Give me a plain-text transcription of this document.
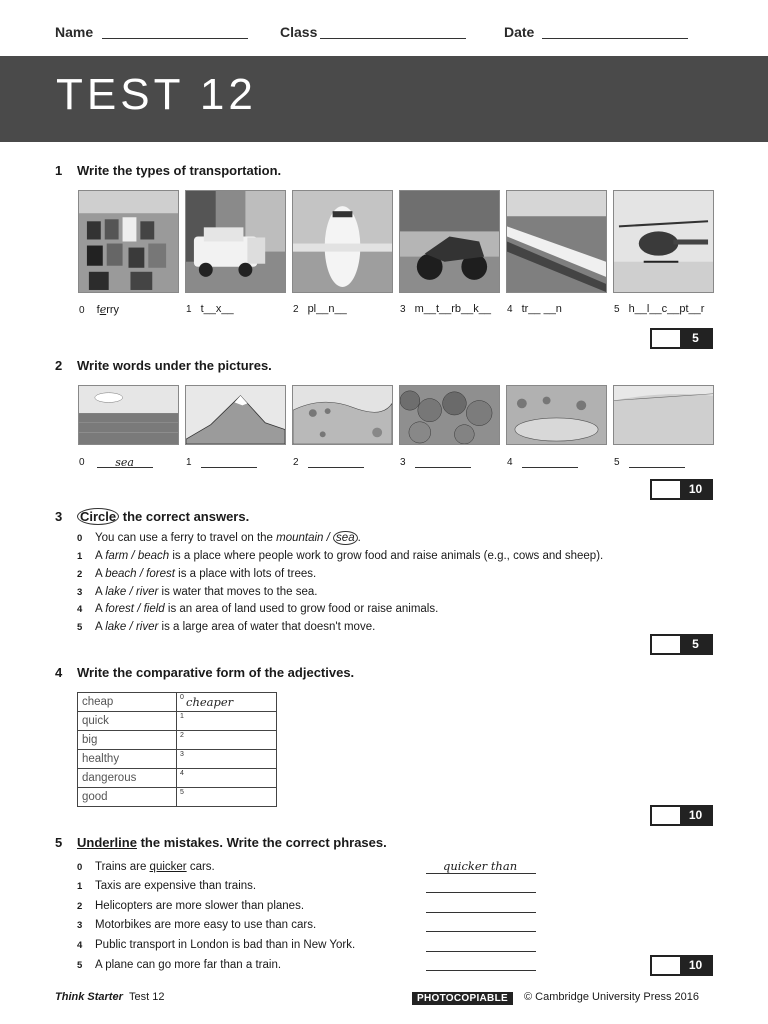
Name	Class	Date
TEST 12
1 Write the types of transportation.
0 ferry	1 t__x__	2 pl__n__	3 m__t__rb__k__ 4 tr__ __n	5 h__l__c__pt__r
5
2 Write words under the pictures.
0	sea	1	2	3	4	5
10
3 Circle the correct answers.
0 You can use a ferry to travel on the mountain / sea .
1 A farm / beach is a place where people work to grow food and raise animals (e.g., cows and sheep).
2 A beach / forest is a place with lots of trees.
3 A lake / river is water that moves to the sea.
4 A forest / field is an area of land used to grow food or raise animals.
5 A lake / river is a large area of water that doesn't move.
5
4 Write the comparative form of the adjectives.
cheap	0 cheaper

quick	1

big	2

healthy	3

dangerous	4

good	5
10
5 Underline the mistakes. Write the correct phrases.
0 Trains are quicker cars.	quicker than
1 Taxis are expensive than trains.
2 Helicopters are more slower than planes.
3 Motorbikes are more easy to use than cars.
4 Public transport in London is bad than in New York.
5 A plane can go more far than a train.	10
Think Starter Test 12	PHOTOCOPIABLE	© Cambridge University Press 2016
